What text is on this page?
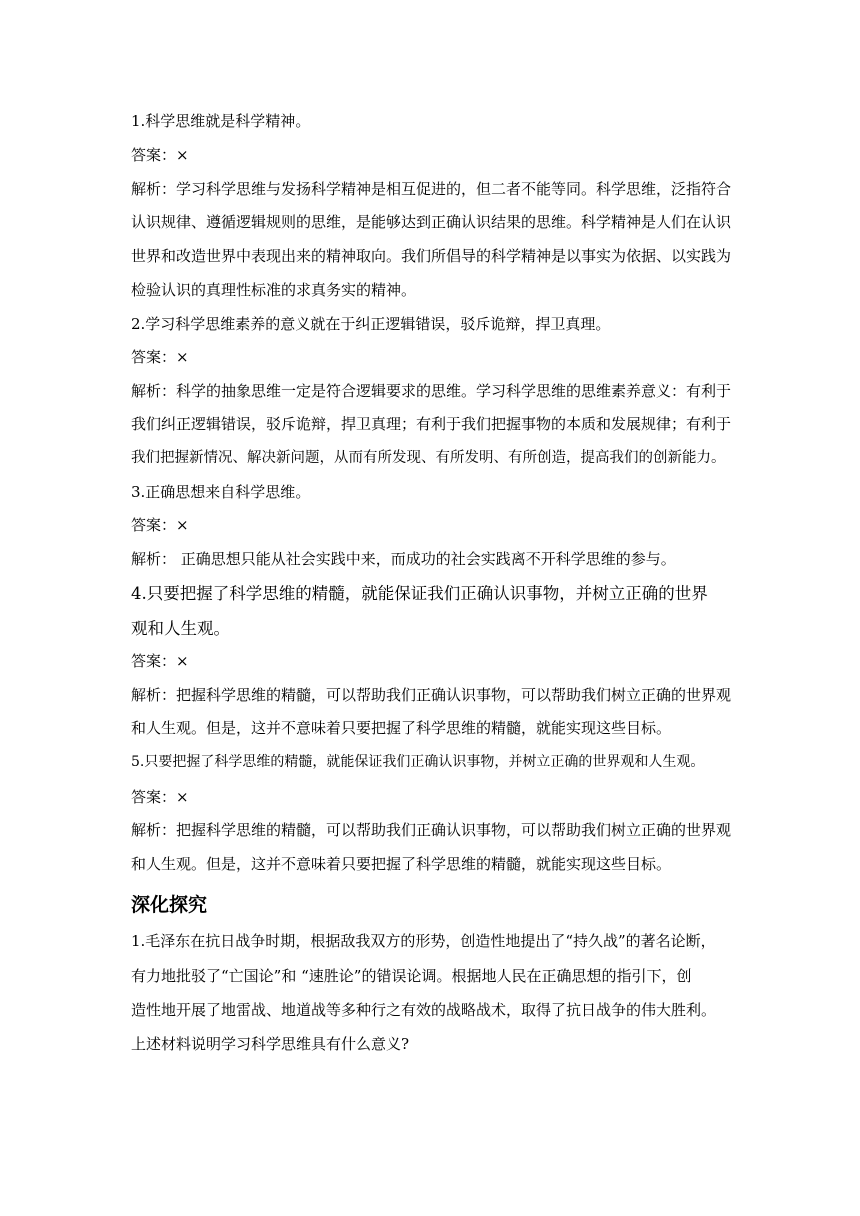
1.科学思维就是科学精神。
答案：×
解析：学习科学思维与发扬科学精神是相互促进的，但二者不能等同。科学思维，泛指符合
认识规律、遵循逻辑规则的思维，是能够达到正确认识结果的思维。科学精神是人们在认识
世界和改造世界中表现出来的精神取向。我们所倡导的科学精神是以事实为依据、以实践为
检验认识的真理性标准的求真务实的精神。
2.学习科学思维素养的意义就在于纠正逻辑错误，驳斥诡辩，捍卫真理。
答案：×
解析：科学的抽象思维一定是符合逻辑要求的思维。学习科学思维的思维素养意义：有利于
我们纠正逻辑错误，驳斥诡辩，捍卫真理；有利于我们把握事物的本质和发展规律；有利于
我们把握新情况、解决新问题，从而有所发现、有所发明、有所创造，提高我们的创新能力。
3.正确思想来自科学思维。
答案：×
解析： 正确思想只能从社会实践中来，而成功的社会实践离不开科学思维的参与。
4.只要把握了科学思维的精髓，就能保证我们正确认识事物，并树立正确的世界
观和人生观。
答案：×
解析：把握科学思维的精髓，可以帮助我们正确认识事物，可以帮助我们树立正确的世界观
和人生观。但是，这并不意味着只要把握了科学思维的精髓，就能实现这些目标。
5.只要把握了科学思维的精髓，就能保证我们正确认识事物，并树立正确的世界观和人生观。
答案：×
解析：把握科学思维的精髓，可以帮助我们正确认识事物，可以帮助我们树立正确的世界观
和人生观。但是，这并不意味着只要把握了科学思维的精髓，就能实现这些目标。
深化探究
1.毛泽东在抗日战争时期，根据敌我双方的形势，创造性地提出了“持久战”的著名论断，
有力地批驳了“亡国论”和 “速胜论”的错误论调。根据地人民在正确思想的指引下，创
造性地开展了地雷战、地道战等多种行之有效的战略战术，取得了抗日战争的伟大胜利。
上述材料说明学习科学思维具有什么意义?
